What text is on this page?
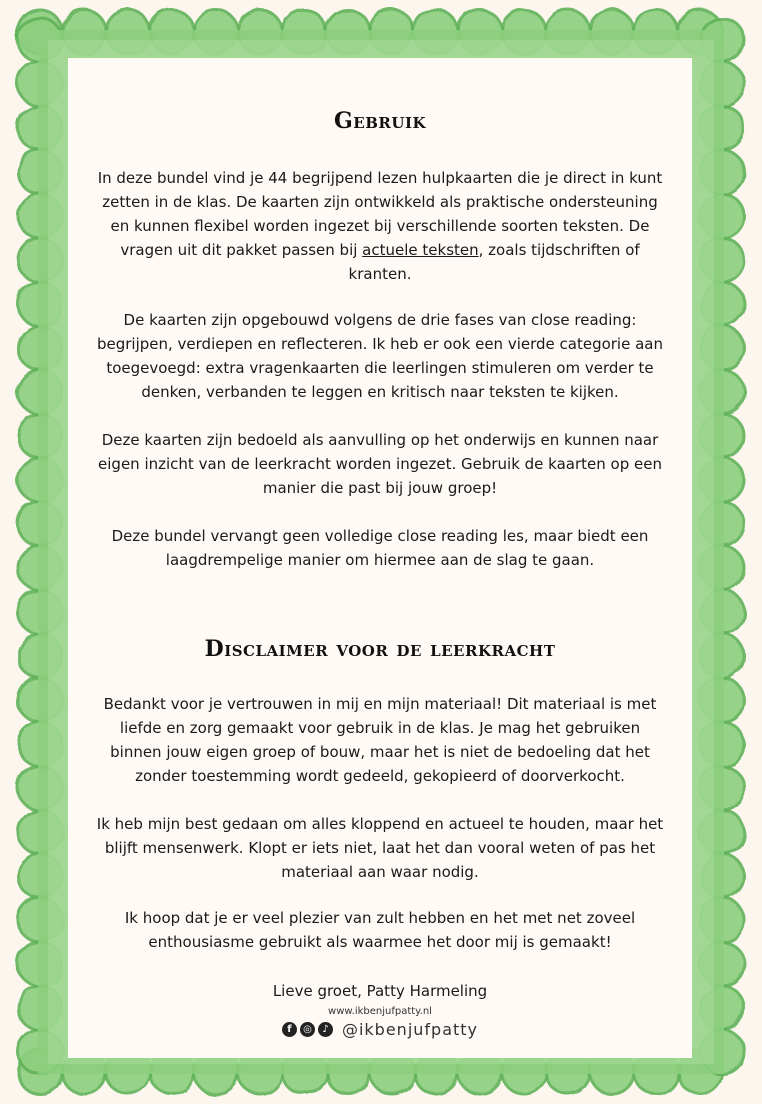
Gebruik
In deze bundel vind je 44 begrijpend lezen hulpkaarten die je direct in kunt zetten in de klas. De kaarten zijn ontwikkeld als praktische ondersteuning en kunnen flexibel worden ingezet bij verschillende soorten teksten. De vragen uit dit pakket passen bij actuele teksten, zoals tijdschriften of kranten.
De kaarten zijn opgebouwd volgens de drie fases van close reading: begrijpen, verdiepen en reflecteren. Ik heb er ook een vierde categorie aan toegevoegd: extra vragenkaarten die leerlingen stimuleren om verder te denken, verbanden te leggen en kritisch naar teksten te kijken.
Deze kaarten zijn bedoeld als aanvulling op het onderwijs en kunnen naar eigen inzicht van de leerkracht worden ingezet. Gebruik de kaarten op een manier die past bij jouw groep!
Deze bundel vervangt geen volledige close reading les, maar biedt een laagdrempelige manier om hiermee aan de slag te gaan.
Disclaimer voor de leerkracht
Bedankt voor je vertrouwen in mij en mijn materiaal! Dit materiaal is met liefde en zorg gemaakt voor gebruik in de klas. Je mag het gebruiken binnen jouw eigen groep of bouw, maar het is niet de bedoeling dat het zonder toestemming wordt gedeeld, gekopieerd of doorverkocht.
Ik heb mijn best gedaan om alles kloppend en actueel te houden, maar het blijft mensenwerk. Klopt er iets niet, laat het dan vooral weten of pas het materiaal aan waar nodig.
Ik hoop dat je er veel plezier van zult hebben en het met net zoveel enthousiasme gebruikt als waarmee het door mij is gemaakt!
Lieve groet, Patty Harmeling
www.ikbenjufpatty.nl
f	◎	♪ @ikbenjufpatty
